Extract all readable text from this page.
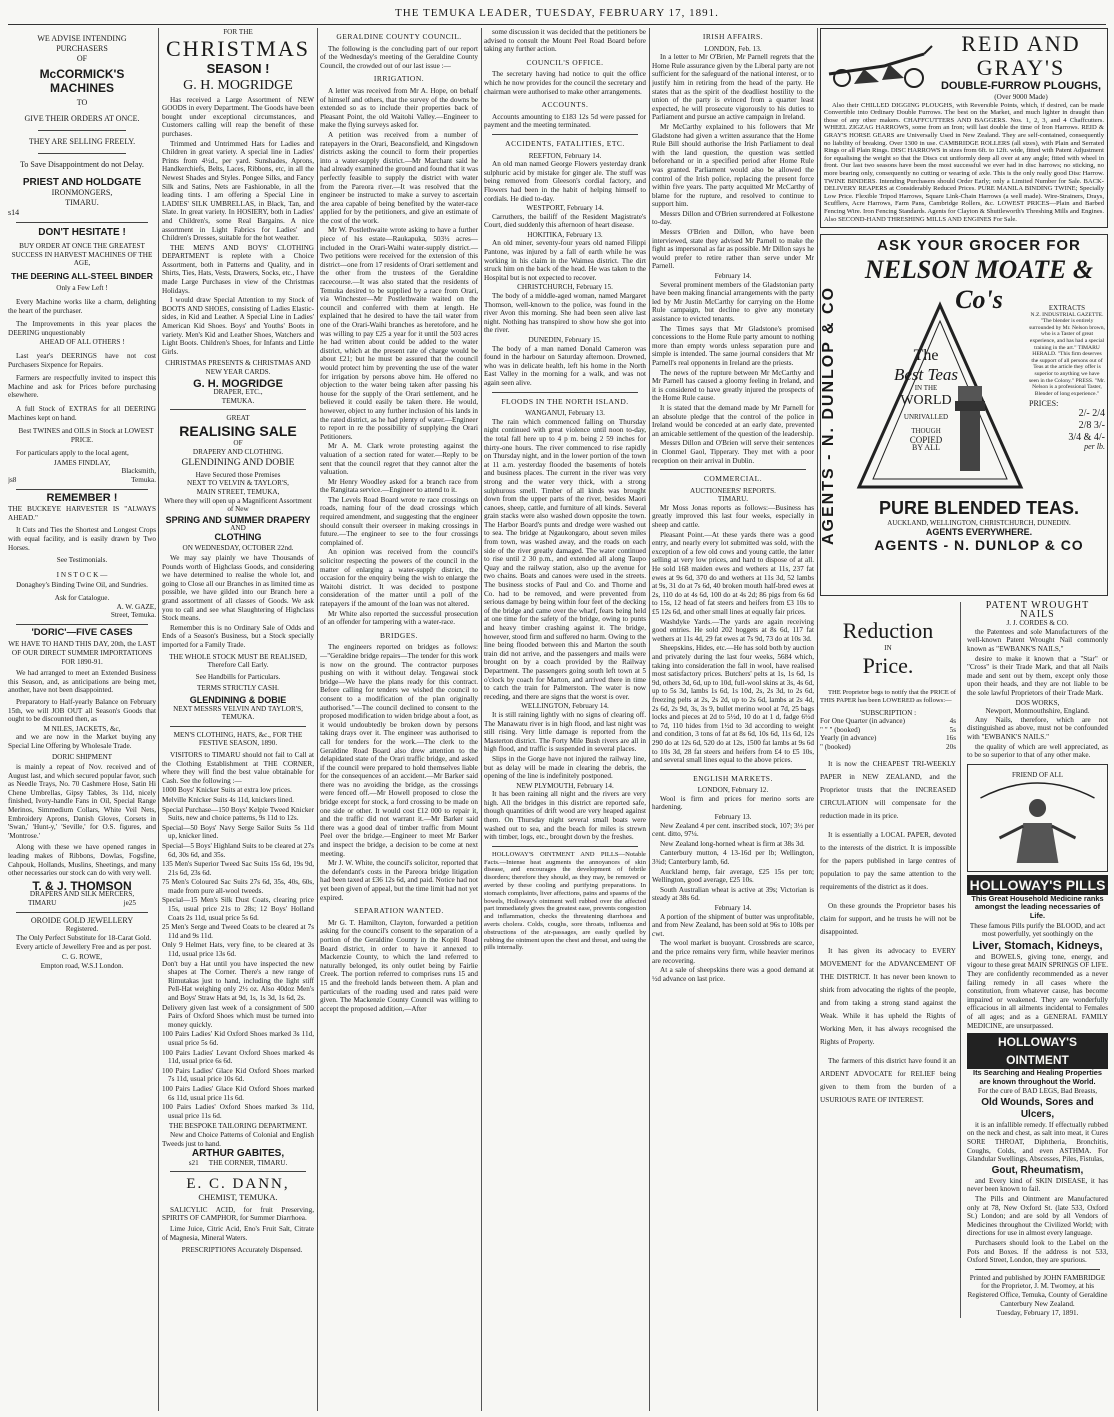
THE TEMUKA LEADER, TUESDAY, FEBRUARY 17, 1891.
WE ADVISE INTENDING
PURCHASERS
OF
McCORMICK'S MACHINES
TO
GIVE THEIR ORDERS AT ONCE.
THEY ARE SELLING FREELY.
To Save Disappointment do not Delay.
PRIEST AND HOLDGATE
IRONMONGERS,
TIMARU.
s14
DON'T HESITATE !

BUY ORDER AT ONCE THE GREATEST SUCCESS IN HARVEST MACHINES OF THE AGE,

THE DEERING ALL-STEEL BINDER
Only a Few Left !

Every Machine works like a charm, delighting the heart of the purchaser.

The Improvements in this year places the DEERING unquestionably

AHEAD OF ALL OTHERS !

Last year's DEERINGS have not cost Purchasers Sixpence for Repairs.

Farmers are respectfully invited to inspect this Machine and ask for Prices before purchasing elsewhere.

A full Stock of EXTRAS for all DEERING Machines kept on hand.

Best TWINES and OILS in Stock at LOWEST PRICE.

For particulars apply to the local agent,

JAMES FINDLAY,
Blacksmith,
js8	Temuka.
REMEMBER !

THE BUCKEYE HARVESTER IS "ALWAYS AHEAD."

It Cuts and Ties the Shortest and Longest Crops with equal facility, and is easily drawn by Two Horses.

See Testimonials.
I N S T O C K —

Donaghey's Binding Twine Oil, and Sundries.

Ask for Catalogue.
A. W. GAZE,
Street, Temuka.
'DORIC'—FIVE CASES

WE HAVE TO HAND THIS DAY, 20th, the LAST OF OUR DIRECT SUMMER IMPORTATIONS FOR 1890-91.

We had arranged to meet an Extended Business this Season, and, as anticipations are being met, another, have not been disappointed.

Preparatory to Half-yearly Balance on February 15th, we will JOB OUT all Season's Goods that ought to be discounted then, as

M NILES, JACKETS, &c,

and we are now in the Market buying any Special Line Offering by Wholesale Trade.

DORIC SHIPMENT

is mainly a repeat of Nov. received and of August last, and which secured popular favor, such as Needle Trays, No. 70 Cashmere Hose, Satin Hi Chene Umbrellas, Gipsy Tables, 3s 11d, nicely finished, Ivory-handle Fans in Oil, Special Range Merinos, Simmedium Collars, White Veil Nets, Embroidery Aprons, Danish Gloves, Corsets in 'Swan,' 'Hunt-y,' 'Seville,' for O.S. figures, and 'Montrose.'

Along with these we have opened ranges in leading makes of Ribbons, Dowlas, Fogsfine, Cahpouk, Hollands, Muslins, Sheetings, and many other necessaries our stock can do with very well.

T. & J. THOMSON
DRAPERS AND SILK MERCERS,
TIMARU	je25
OROIDE GOLD JEWELLERY
Registered.

The Only Perfect Substitute for 18-Carat Gold.

Every article of Jewellery Free and as per post.

C. G. ROWE,
Empton road, W.S.I London.
FOR THE
CHRISTMAS
SEASON !
G. H. MOGRIDGE

Has received a Large Assortment of NEW GOODS in every Department. The Goods have been bought under exceptional circumstances, and Customers calling will reap the benefit of these purchases.

Trimmed and Untrimmed Hats for Ladies and Children in great variety. A special line in Ladies' Prints from 4½d., per yard. Sunshades, Aprons, Handkerchiefs, Belts, Laces, Ribbons, etc, in all the Newest Shades and Styles. Pongee Silks, and Fancy Silk and Satins, Nets are Fashionable, in all the leading tints. I am offering a Special Line in LADIES' SILK UMBRELLAS, in Black, Tan, and Slate. In great variety. In HOSIERY, both in Ladies' and Children's, some Real Bargains. A nice assortment in Light Fabrics for Ladies' and Children's Dresses, suitable for the hot weather.

THE MEN'S AND BOYS' CLOTHING DEPARTMENT is replete with a Choice Assortment, both in Patterns and Quality, and in Shirts, Ties, Hats, Vests, Drawers, Socks, etc., I have made Large Purchases in view of the Christmas Holidays.

I would draw Special Attention to my Stock of BOOTS AND SHOES, consisting of Ladies Elastic-sides, in Kid and Leather. A Special Line in Ladies' American Kid Shoes. Boys' and Youths' Boots in variety. Men's Kid and Leather Shoes, Watchers and Light Boots. Children's Shoes, for Infants and Little Girls.

CHRISTMAS PRESENTS & CHRISTMAS AND NEW YEAR CARDS.
G. H. MOGRIDGE
DRAPER, ETC.,
TEMUKA.
GREAT
REALISING SALE
OF
DRAPERY AND CLOTHING.
GLENDINING AND DOBIE
Have Secured those Premises
NEXT TO VELVIN & TAYLOR'S,
MAIN STREET, TEMUKA,
Where they will open up a Magnificent Assortment of New
SPRING AND SUMMER DRAPERY
AND
CLOTHING
ON WEDNESDAY, OCTOBER 22nd.

We may say plainly we have Thousands of Pounds worth of Highclass Goods, and considering we have determined to realise the whole lot, and going to Close all our Branches in as limited time as possible, we have gilded into our Branch here a grand assortment of all classes of Goods. We ask you to call and see what Slaughtering of Highclass Stock means.

Remember this is no Ordinary Sale of Odds and Ends of a Season's Business, but a Stock specially imported for a Family Trade.

THE WHOLE STOCK MUST BE REALISED,
Therefore Call Early.
See Handbills for Particulars.
TERMS STRICTLY CASH.
GLENDINING & DOBIE
NEXT MESSRS VELVIN AND TAYLOR'S,
TEMUKA.
MEN'S CLOTHING, HATS, &c., FOR THE FESTIVE SEASON, 1890.

VISITORS to TIMARU should not fail to Call at the Clothing Establishment at THE CORNER, where they will find the best value obtainable for Cash. See the following :—

1000 Boys' Knicker Suits at extra low prices.

Melville Knicker Suits 4s 11d, knickers lined.

Special Purchase—150 Boys' Kelpie Tweed Knicker Suits, new and choice patterns, 9s 11d to 12s.

Special—50 Boys' Navy Serge Sailor Suits 5s 11d up, knicker lined.

Special—5 Boys' Highland Suits to be cleared at 27s 6d, 30s 6d, and 35s.

135 Men's Superior Tweed Sac Suits 15s 6d, 19s 9d, 21s 6d, 23s 6d.

75 Men's Coloured Sac Suits 27s 6d, 35s, 40s, 60s, made from pure all-wool tweeds.

Special—15 Men's Silk Dust Coats, clearing price 15s, usual price 21s to 28s; 12 Boys' Holland Coats 2s 11d, usual price 5s 6d.

25 Men's Serge and Tweed Coats to be cleared at 7s 11d and 9s 11d.

Only 9 Helmet Hats, very fine, to be cleared at 3s 11d, usual price 13s 6d.

Don't buy a Hat until you have inspected the new shapes at The Corner. There's a new range of Rimutakas just to hand, including the light stiff Pell-Hat weighing only 2½ oz. Also 40doz Men's and Boys' Straw Hats at 9d, 1s, 1s 3d, 1s 6d, 2s.

Delivery given last week of a consignment of 500 Pairs of Oxford Shoes which must be turned into money quickly.

100 Pairs Ladies' Kid Oxford Shoes marked 3s 11d, usual price 5s 6d.

100 Pairs Ladies' Levant Oxford Shoes marked 4s 11d, usual price 6s 6d.

100 Pairs Ladies' Glace Kid Oxford Shoes marked 7s 11d, usual price 10s 6d.

100 Pairs Ladies' Glace Kid Oxford Shoes marked 6s 11d, usual price 11s 6d.

100 Pairs Ladies' Oxford Shoes marked 3s 11d, usual price 11s 6d.

THE BESPOKE TAILORING DEPARTMENT.

New and Choice Patterns of Colonial and English Tweeds just to hand.

ARTHUR GABITES,
s21 THE CORNER, TIMARU.
E. C. DANN,
CHEMIST, TEMUKA.

SALICYLIC ACID, for fruit Preserving, SPIRITS OF CAMPHOR, for Summer Diarrhoea.

Lime Juice, Citric Acid, Eno's Fruit Salt, Citrate of Magnesia, Mineral Waters.

PRESCRIPTIONS Accurately Dispensed.

GERALDINE COUNTY COUNCIL.

The following is the concluding part of our report of the Wednesday's meeting of the Geraldine County Council, the crowded out of our last issue :—

IRRIGATION.

A letter was received from Mr A. Hope, on behalf of himself and others, that the survey of the downs be extended so as to include their properties back of Pleasant Point, the old Waitohi Valley.—Engineer to make the flying surveys asked for.

A petition was received from a number of ratepayers in the Orari, Beaconsfield, and Kingsdown districts asking the council to form their properties into a water-supply district.—Mr Marchant said he had already examined the ground and found that it was perfectly feasible to supply the district with water from the Pareora river.—It was resolved that the engineer be instructed to make a survey to ascertain the area capable of being benefited by the water-race applied for by the petitioners, and give an estimate of the cost of the work.

Mr W. Postlethwaite wrote asking to have a further piece of his estate—Raukapuka, 503½ acres—included in the Orari-Waihi water-supply district.—Two petitions were received for the extension of this district—one from 17 residents of Orari settlement and the other from the trustees of the Geraldine racecourse.—It was also stated that the residents of Temuka desired to be supplied by a race from Orari, via Winchester—Mr Postlethwaite waited on the council and conferred with them at length. He explained that he desired to have the tail water from one of the Orari-Waihi branches as heretofore, and he was willing to pay £25 a year for it until the 503 acres he had written about could be added to the water district, which at the present rate of charge would be about £21; but he must be assured that the council would protect him by preventing the use of the water for irrigation by persons above him. He offered no objection to the water being taken after passing his house for the supply of the Orari settlement, and he believed it could easily be taken there. He would, however, object to any further inclusion of his lands in the rated district, as he had plenty of water.—Engineer to report in re the possibility of supplying the Orari Petitioners.

Mr A. M. Clark wrote protesting against the valuation of a section rated for water.—Reply to be sent that the council regret that they cannot alter the valuation.

Mr Henry Woodley asked for a branch race from the Rangitata service.—Engineer to attend to it.

The Levels Road Board wrote re race crossings on roads, naming four of the dead crossings which required amendment, and suggesting that the engineer should consult their overseer in making crossings in future.—The engineer to see to the four crossings complained of.

An opinion was received from the council's solicitor respecting the powers of the council in the matter of enlarging a water-supply district, the occasion for the enquiry being the wish to enlarge the Waitohi district. It was decided to postpone consideration of the matter until a poll of the ratepayers if the amount of the loan was not altered.

Mr White also reported the successful prosecution of an offender for tampering with a water-race.

BRIDGES.

The engineers reported on bridges as follows:—"Geraldine bridge repairs—The tender for this work is now on the ground. The contractor purposes pushing on with it without delay. Tengawai stock bridge—We have the plans ready for this contract. Before calling for tenders we wished the council to consent to a modification of the plan originally authorised."—The council declined to consent to the proposed modification to widen bridge about a foot, as it would undoubtedly be broken down by persons taking drays over it. The engineer was authorised to call for tenders for the work.—The clerk to the Geraldine Road Board also drew attention to the delapidated state of the Orari traffic bridge, and asked if the council were prepared to hold themselves liable for the consequences of an accident.—Mr Barker said there was no avoiding the bridge, as the crossings were fenced off.—Mr Howell proposed to close the bridge except for stock, a ford crossing to be made on one side or other. It would cost £12 000 to repair it, and the traffic did not warrant it.—Mr Barker said there was a good deal of timber traffic from Mount Peel over the bridge.—Engineer to meet Mr Barker and inspect the bridge, a decision to be come at next meeting.

Mr J. W. White, the council's solicitor, reported that the defendant's costs in the Pareora bridge litigation had been taxed at £36 12s 6d, and paid. Notice had not yet been given of appeal, but the time limit had not yet expired.

SEPARATION WANTED.

Mr G. T. Hamilton, Clayton, forwarded a petition asking for the council's consent to the separation of a portion of the Geraldine County in the Kopiti Road Board district, in order to have it annexed to Mackenzie County, to which the land referred to naturally belonged, its only outlet being by Fairlie Creek. The portion referred to comprises runs 15 and 15 and the freehold lands between them. A plan and particulars of the roading used and rates paid were given. The Mackenzie County Council was willing to accept the proposed addition,—After

some discussion it was decided that the petitioners be advised to consult the Mount Peel Road Board before taking any further action.

COUNCIL'S OFFICE.

The secretary having had notice to quit the office which he now provides for the council the secretary and chairman were authorised to make other arrangements.

ACCOUNTS.

Accounts amounting to £183 12s 5d were passed for payment and the meeting terminated.

ACCIDENTS, FATALITIES, ETC.
REEFTON, February 14.

An old man named George Flowers yesterday drank sulphuric acid by mistake for ginger ale. The stuff was being removed from Gleeson's cordial factory, and Flowers had been in the habit of helping himself to cordials. He died to-day.

WESTPORT, February 14.

Carruthers, the bailiff of the Resident Magistrate's Court, died suddenly this afternoon of heart disease.

HOKITIKA, February 13.

An old miner, seventy-four years old named Filippi Pantone, was injured by a fall of earth while he was working in his claim in the Waimea district. The dirt struck him on the back of the head. He was taken to the Hospital but is not expected to recover.

CHRISTCHURCH, February 15.

The body of a middle-aged woman, named Margaret Thomson, well-known to the police, was found in the river Avon this morning. She had been seen alive last night. Nothing has transpired to show how she got into the river.

DUNEDIN, February 15.

The body of a man named Donald Cameron was found in the harbour on Saturday afternoon. Drowned, who was in delicate health, left his home in the North East Valley in the morning for a walk, and was not again seen alive.

FLOODS IN THE NORTH ISLAND.
WANGANUI, February 13.

The rain which commenced falling on Thursday night continued with great violence until noon to-day, the total fall here up to 4 p m. being 2 59 inches for thirty-one hours. The river commenced to rise rapidly on Thursday night, and in the lower portion of the town at 11 a.m. yesterday flooded the basements of hotels and business places. The current in the river was very strong and the water very thick, with a strong sulphurous smell. Timber of all kinds was brought down from the upper parts of the river, besides Maori canoes, sheep, cattle, and furniture of all kinds. Several grain stacks were also washed down opposite the town. The Harbor Board's punts and dredge were washed out to sea. The bridge at Ngaukongaro, about seven miles from town, was washed away, and the roads on each side of the river greatly damaged. The water continued to rise until 2 30 p.m., and extended all along Taupo Quay and the railway station, also up the avenue for two chains. Boats and canoes were used in the streets. The business stocks of Paul and Co. and Thorne and Co. had to be removed, and were prevented from serious damage by being within four feet of the decking of the bridge and came over the wharf, fears being held at one time for the safety of the bridge, owing to punts and heavy timber crashing against it. The bridge, however, stood firm and suffered no harm. Owing to the line being flooded between this and Marton the south train did not arrive, and the passengers and mails were brought on by a coach provided by the Railway Department. The passengers going south left town at 5 o'clock by coach for Marton, and arrived there in time to catch the train for Palmerston. The water is now receding, and there are signs that the worst is over.

WELLINGTON, February 14.

It is still raining lightly with no signs of clearing off. The Manawatu river is in high flood, and last night was still rising. Very little damage is reported from the Masterton district. The Forty Mile Bush rivers are all in high flood, and traffic is suspended in several places.

Slips in the Gorge have not injured the railway line, but as delay will be made in clearing the debris, the opening of the line is indefinitely postponed.

NEW PLYMOUTH, February 14.

It has been raining all night and the rivers are very high. All the bridges in this district are reported safe, though quantities of drift wood are very heaped against them. On Thursday night several small boats were washed out to sea, and the beach for miles is strewn with timber, logs, etc., brought down by the freshes.

HOLLOWAY'S OINTMENT AND PILLS—Notable Facts.—Intense heat augments the annoyances of skin disease, and encourages the development of febrile disorders; therefore they should, as they may, be removed or averted by these cooling and purifying preparations. In stomach complaints, liver affections, pains and spasms of the bowels, Holloway's ointment well rubbed over the affected part immediately gives the greatest ease, prevents congestion and inflammation, checks the threatening diarrhoea and averts cholera. Colds, coughs, sore throats, influenza and obstructions of the air-passages, are easily quelled by rubbing the ointment upon the chest and throat, and using the pills internally.

IRISH AFFAIRS.
LONDON, Feb. 13.

In a letter to Mr O'Brien, Mr Parnell regrets that the Home Rule assurance given by the Liberal party are not sufficient for the safeguard of the national interest, or to justify him in retiring from the head of the party. He states that as the spirit of the deadliest hostility to the union of the party is evinced from a quarter least expected, he will prosecute vigorously to his duties to Parliament and pursue an active campaign in Ireland.

Mr McCarthy explained to his followers that Mr Gladstone had given a written assurance that the Home Rule Bill should authorise the Irish Parliament to deal with the land question, the question was settled beforehand or in a specified period after Home Rule was granted. Parliament would also be allowed the control of the Irish police, replacing the present force within five years. The party acquitted Mr McCarthy of blame for the rupture, and resolved to continue to support him.

Messrs Dillon and O'Brien surrendered at Folkestone to-day.

Messrs O'Brien and Dillon, who have been interviewed, state they advised Mr Parnell to make the fight as impersonal as far as possible. Mr Dillon says he would prefer to retire rather than serve under Mr Parnell.

February 14.

Several prominent members of the Gladstonian party have been making financial arrangements with the party led by Mr Justin McCarthy for carrying on the Home Rule campaign, but decline to give any monetary assistance to evicted tenants.

The Times says that Mr Gladstone's promised concessions to the Home Rule party amount to nothing more than empty words unless separation pure and simple is intended. The same journal considers that Mr Parnell's real opponents in Ireland are the priests.

The news of the rupture between Mr McCarthy and Mr Parnell has caused a gloomy feeling in Ireland, and it is considered to have greatly injured the prospects of the Home Rule cause.

It is stated that the demand made by Mr Parnell for an absolute pledge that the control of the police in Ireland would be conceded at an early date, prevented an amicable settlement of the question of the leadership.

Messrs Dillon and O'Brien will serve their sentences in Clonmel Gaol, Tipperary. They met with a poor reception on their arrival in Dublin.

COMMERCIAL.
AUCTIONEERS' REPORTS.
TIMARU.

Mr Moss Jonas reports as follows:—Business has greatly improved this last four weeks, especially in sheep and cattle.

Pleasant Point.—At these yards there was a good entry, and nearly every lot submitted was sold, with the exception of a few old cows and young cattle, the latter selling at very low prices, and hard to dispose of at all. He sold 168 maiden ewes and wethers at 11s, 237 fat ewes at 9s 6d, 370 do and wethers at 11s 3d, 52 lambs at 9s, 31 do at 7s 6d, 40 broken mouth half-bred ewes at 2s, 110 do at 4s 6d, 100 do at 4s 2d; 86 pigs from 6s 6d to 15s, 12 head of fat steers and heifers from £3 10s to £5 12s 6d, and other small lines at equally fair prices.

Washdyke Yards.—The yards are again receiving good entries. He sold 202 hoggets at 8s 6d, 117 fat wethers at 11s 4d, 29 fat ewes at 7s 9d, 73 do at 10s 3d.

Sheepskins, Hides, etc.—He has sold both by auction and privately during the last four weeks, 5684 which, taking into consideration the fall in wool, have realised most satisfactory prices. Butchers' pelts at 1s, 1s 6d, 1s 9d, others 3d, 6d, up to 10d, full-wool skins at 3s, 4s 6d, up to 5s 3d, lambs 1s 6d, 1s 10d, 2s, 2s 3d, to 2s 6d, freezing pelts at 2s, 2s 2d, up to 2s 6d, lambs at 2s 4d, 2s 6d, 2s 9d, 3s, 3s 9, bullet merino wool at 7d, 25 bags locks and pieces at 2d to 5½d, 10 do at 1 d, fadge 6½d to 7d, 110 hides from 1½d to 3d according to weight and condition, 3 tons of fat at 8s 6d, 10s 6d, 11s 6d, 12s 290 do at 12s 6d, 520 do at 12s, 1500 fat lambs at 9s 6d to 10s 3d, 28 fat steers and heifers from £4 to £5 10s, and several small lines equal to the above prices.

ENGLISH MARKETS.
LONDON, February 12.

Wool is firm and prices for merino sorts are hardening.

February 13.

New Zealand 4 per cent. inscribed stock, 107; 3½ per cent. ditto, 97¼.

New Zealand long-horned wheat is firm at 38s 3d.

Canterbury mutton, 4 13-16d per lb; Wellington, 3¾d; Canterbury lamb, 6d.

Auckland hemp, fair average, £25 15s per ton; Wellington, good average, £25 10s.

South Australian wheat is active at 39s; Victorian is steady at 38s 6d.

February 14.

A portion of the shipment of butter was unprofitable, and from New Zealand, has been sold at 96s to 108s per cwt.

The wool market is buoyant. Crossbreds are scarce, and the price remains very firm, while heavier merinos are recovering.

At a sale of sheepskins there was a good demand at ½d advance on last price.

REID AND GRAY'S
DOUBLE-FURROW PLOUGHS,
(Over 9000 Made)

Also their CHILLED DIGGING PLOUGHS, with Reversible Points, which, if desired, can be made Convertible into Ordinary Double Furrows. The best on the Market, and much lighter in draught than those of any other makers. CHAFFCUTTERS AND BAGGERS. Nos. 1, 2, 3, and 4 Chaffcutters. WHEEL ZIGZAG HARROWS, some from an Iron; will last double the time of Iron Harrows. REID & GRAY'S HORSE GEARS are Universally Used in New Zealand. They are self-contained, consequently no liability of breaking. Over 1300 in use. CAMBRIDGE ROLLERS (all sizes), with Plain and Serrated Rings or all Plain Rings. DISC HARROWS in sizes from 6ft. to 12ft. wide, fitted with Patent Adjustment for equalising the weight so that the Discs cut uniformly deep all over at any angle; fitted with wheel in front. Our last two seasons have been the most successful we ever had in disc harrows; no sticking, no more bearing only, consequently no cutting or wearing of axle. This is the only really good Disc Harrow. TWINE BINDERS. Intending Purchasers should Order Early; only a Limited Number for Sale. BACK-DELIVERY REAPERS at Considerably Reduced Prices. PURE MANILA BINDING TWINE; Specially Low Price. Flexible Tripod Harrows, Square Link-Chain Harrows (a well made). Wire-Strainers, Drays, Scufflers, Acre Harrows, Farm Pans, Cambridge Rollers, &c. LOWEST PRICES—Plain and Barbed Fencing Wire. Iron Fencing Standards. Agents for Clayton & Shuttleworth's Threshing Mills and Engines. Also SECOND-HAND THRESHING MILLS AND ENGINES For Sale.

AGENTS - N. DUNLOP & CO
ASK YOUR GROCER FOR
NELSON MOATE & Co's
The
Best Teas
IN THE
WORLD
UNRIVALLED
THOUGH
COPIED
BY ALL
EXTRACTS
N.Z. INDUSTRIAL GAZETTE. "The blender is entirely surrounded by Mr. Nelson brown, who is a Taster of great experience, and has had a special training in the art." TIMARU HERALD. "This firm deserves the support of all persons out of Teas at the article they offer is superior to anything we have seen in the Colony." PRESS. "Mr. Nelson is a professional Taster, Blender of long experience."
PRICES:
2/- 2/4
2/8 3/-
3/4 & 4/-
per lb.
PURE BLENDED TEAS.
AUCKLAND, WELLINGTON, CHRISTCHURCH, DUNEDIN.
AGENTS EVERYWHERE.
AGENTS - N. DUNLOP & CO
Reduction
IN
Price.

THE Proprietor begs to notify that the PRICE of THIS PAPER has been LOWERED as follows:—

'SUBSCRIPTION :
For One Quarter (in advance)	4s
" " " (booked)	5s
Yearly (in advance)	16s
" (booked)	20s

It is now the CHEAPEST TRI-WEEKLY PAPER in NEW ZEALAND, and the Proprietor trusts that the INCREASED CIRCULATION will compensate for the reduction made in its price.

It is essentially a LOCAL PAPER, devoted to the interests of the district. It is impossible for the papers published in large centres of population to pay the same attention to the requirements of the district as it does.

On these grounds the Proprietor bases his claim for support, and he trusts he will not be disappointed.

It has given its advocacy to EVERY MOVEMENT for the ADVANCEMENT OF THE DISTRICT. It has never been known to shirk from advocating the rights of the people, and from taking a strong stand against the Weak. While it has upheld the Rights of Working Men, it has always recognised the Rights of Property.

The farmers of this district have found it an ARDENT ADVOCATE for RELIEF being given to them from the burden of a USURIOUS RATE OF INTEREST.

PATENT WROUGHT NAILS
J. J. CORDES & CO.

the Patentees and sole Manufacturers of the well-known Patent Wrought Nail commonly known as "EWBANK'S NAILS,"

desire to make it known that a "Star" or "Cross" is their Trade Mark, and that all Nails made and sent out by them, except only those upon their heads, and they are not liable to be the sole lawful Proprietors of their Trade Mark.

DOS WORKS,
Newport, Monmouthshire, England.

Any Nails, therefore, which are not distinguished as above, must not be confounded with "EWBANK'S NAILS."

the quality of which are well appreciated, as to be so superior to that of any other make.

FRIEND OF ALL
HOLLOWAY'S PILLS

This Great Household Medicine ranks amongst the leading necessaries of Life.

These famous Pills purify the BLOOD, and act most powerfully, yet soothingly on the

Liver, Stomach, Kidneys,

and BOWELS, giving tone, energy, and vigour to these great MAIN SPRINGS OF LIFE. They are confidently recommended as a never failing remedy in all cases where the constitution, from whatever cause, has become impaired or weakened. They are wonderfully efficacious in all ailments incidental to Females of all ages; and as a GENERAL FAMILY MEDICINE, are unsurpassed.

HOLLOWAY'S OINTMENT

Its Searching and Healing Properties are known throughout the World.

For the cure of BAD LEGS, Bad Breasts,

Old Wounds, Sores and Ulcers,

it is an infallible remedy. If effectually rubbed on the neck and chest, as salt into meat, it Cures SORE THROAT, Diphtheria, Bronchitis, Coughs, Colds, and even ASTHMA. For Glandular Swellings, Abscesses, Piles, Fistulas,

Gout, Rheumatism,

and Every kind of SKIN DISEASE, it has never been known to fail.

The Pills and Ointment are Manufactured only at 78, New Oxford St. (late 533, Oxford St.) London; and are sold by all Vendors of Medicines throughout the Civilized World; with directions for use in almost every language.

Purchasers should look to the Label on the Pots and Boxes. If the address is not 533, Oxford Street, London, they are spurious.

Printed and published by JOHN FAMBRIDGE for the Proprietor, J. M. Twomey, at his Registered Office, Temuka, County of Geraldine Canterbury New Zealand.

Tuesday, February 17, 1891.
